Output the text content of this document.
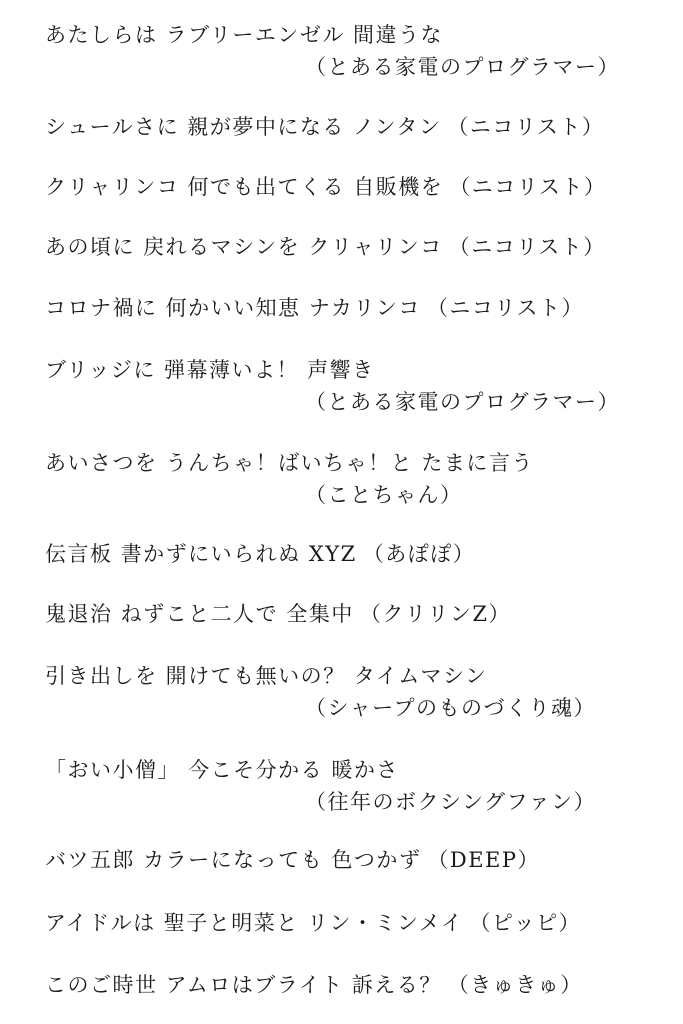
あたしらは ラブリーエンゼル 間違うな
（とある家電のプログラマー）
シュールさに 親が夢中になる ノンタン （ニコリスト）
クリャリンコ 何でも出てくる 自販機を （ニコリスト）
あの頃に 戻れるマシンを クリャリンコ （ニコリスト）
コロナ禍に 何かいい知恵 ナカリンコ （ニコリスト）
ブリッジに 弾幕薄いよ！ 声響き
（とある家電のプログラマー）
あいさつを うんちゃ！ばいちゃ！と たまに言う
（ことちゃん）
伝言板 書かずにいられぬ XYZ （あぽぽ）
鬼退治 ねずこと二人で 全集中 （クリリンZ）
引き出しを 開けても無いの？ タイムマシン
（シャープのものづくり魂）
「おい小僧」 今こそ分かる 暖かさ
（往年のボクシングファン）
バツ五郎 カラーになっても 色つかず （DEEP）
アイドルは 聖子と明菜と リン・ミンメイ （ピッピ）
このご時世 アムロはブライト 訴える？ （きゅきゅ）
